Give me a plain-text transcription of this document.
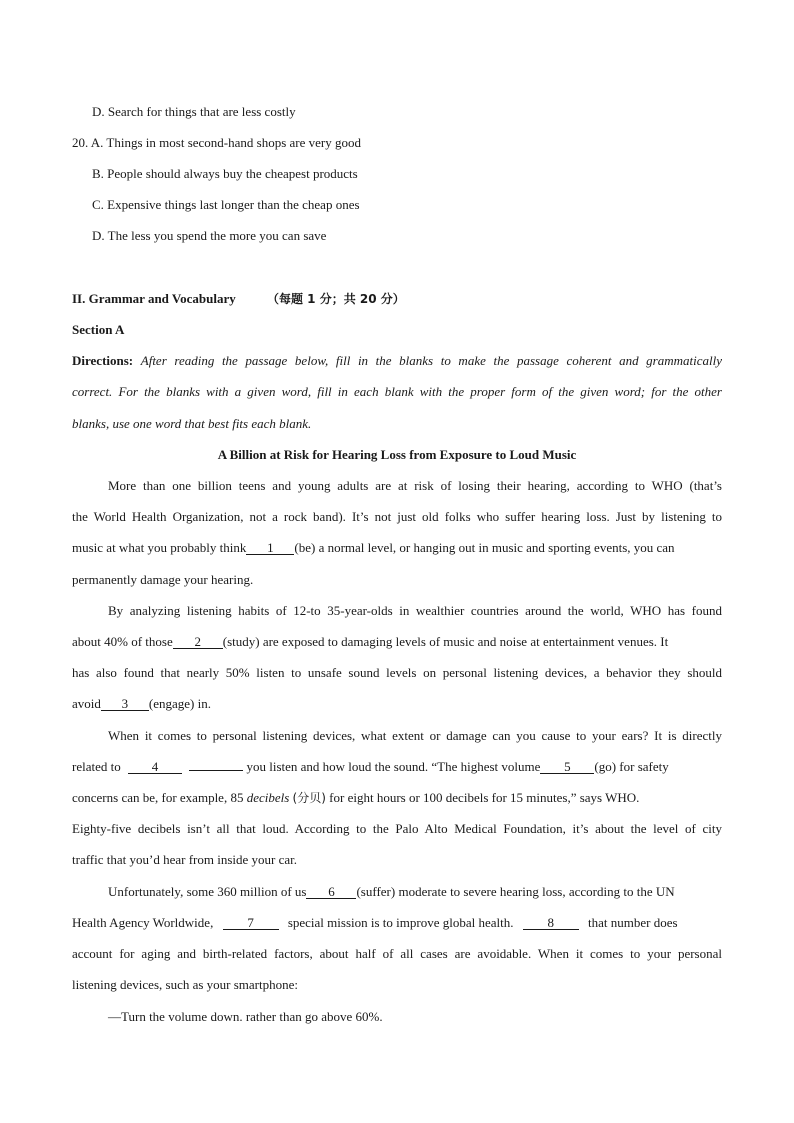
D. Search for things that are less costly
20. A. Things in most second-hand shops are very good
B. People should always buy the cheapest products
C. Expensive things last longer than the cheap ones
D. The less you spend the more you can save
II. Grammar and Vocabulary	（每题 1 分；共 20 分）
Section A
Directions: After reading the passage below, fill in the blanks to make the passage coherent and grammatically
correct. For the blanks with a given word, fill in each blank with the proper form of the given word; for the other
blanks, use one word that best fits each blank.
A Billion at Risk for Hearing Loss from Exposure to Loud Music
More than one billion teens and young adults are at risk of losing their hearing, according to WHO (that’s
the World Health Organization, not a rock band). It’s not just old folks who suffer hearing loss. Just by listening to
music at what you probably think 1 (be) a normal level, or hanging out in music and sporting events, you can
permanently damage your hearing.
By analyzing listening habits of 12-to 35-year-olds in wealthier countries around the world, WHO has found
about 40% of those 2 (study) are exposed to damaging levels of music and noise at entertainment venues. It
has also found that nearly 50% listen to unsafe sound levels on personal listening devices, a behavior they should
avoid 3 (engage) in.
When it comes to personal listening devices, what extent or damage can you cause to your ears? It is directly
related to 4	you listen and how loud the sound. “The highest volume 5 (go) for safety
concerns can be, for example, 85 decibels (分贝) for eight hours or 100 decibels for 15 minutes,” says WHO.
Eighty-five decibels isn’t all that loud. According to the Palo Alto Medical Foundation, it’s about the level of city
traffic that you’d hear from inside your car.
Unfortunately, some 360 million of us 6 (suffer) moderate to severe hearing loss, according to the UN
Health Agency Worldwide,	7	special mission is to improve global health.	8	that number does
account for aging and birth-related factors, about half of all cases are avoidable. When it comes to your personal
listening devices, such as your smartphone:
—Turn the volume down. rather than go above 60%.
